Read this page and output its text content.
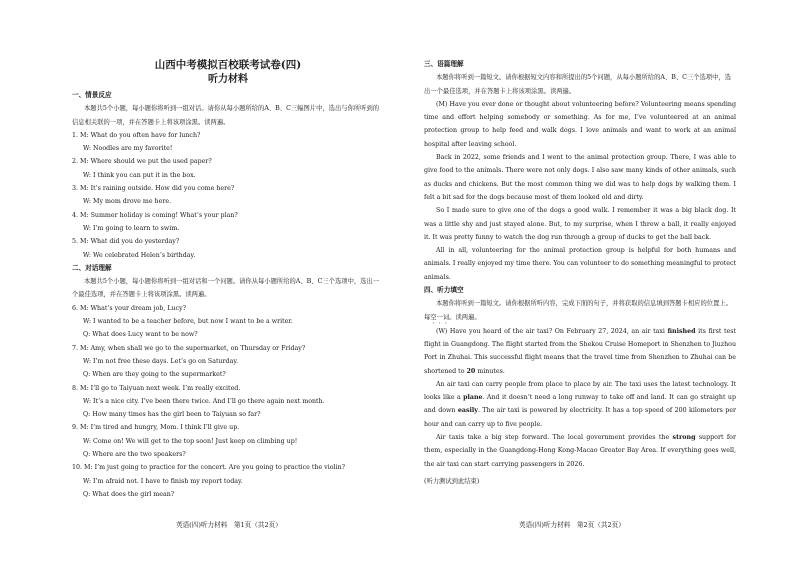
山西中考模拟百校联考试卷(四)

听力材料

一、情景反应

本题共5个小题，每小题你将听到一组对话。请你从每小题所给的A、B、C三幅图片中，选出与你所听到的信息相关联的一项，并在答题卡上将该项涂黑。读两遍。

1. M: What do you often have for lunch?

W: Noodles are my favorite!

2. M: Where should we put the used paper?

W: I think you can put it in the box.

3. M: It’s raining outside. How did you come here?

W: My mom drove me here.

4. M: Summer holiday is coming! What’s your plan?

W: I’m going to learn to swim.

5. M: What did you do yesterday?

W: We celebrated Helen’s birthday.

二、对话理解

本题共5个小题，每小题你将听到一组对话和一个问题。请你从每小题所给的A、B、C三个选项中，选出一个最佳选项，并在答题卡上将该项涂黑。读两遍。

6. M: What’s your dream job, Lucy?

W: I wanted to be a teacher before, but now I want to be a writer.

Q: What does Lucy want to be now?

7. M: Amy, when shall we go to the supermarket, on Thursday or Friday?

W: I’m not free these days. Let’s go on Saturday.

Q: When are they going to the supermarket?

8. M: I’ll go to Taiyuan next week. I’m really excited.

W: It’s a nice city. I’ve been there twice. And I’ll go there again next month.

Q: How many times has the girl been to Taiyuan so far?

9. M: I’m tired and hungry, Mom. I think I’ll give up.

W: Come on! We will get to the top soon! Just keep on climbing up!

Q: Where are the two speakers?

10. M: I’m just going to practice for the concert. Are you going to practice the violin?

W: I’m afraid not. I have to finish my report today.

Q: What does the girl mean?

三、语篇理解

本题你将听到一篇短文。请你根据短文内容和所提出的5个问题，从每小题所给的A、B、C三个选项中，选出一个最佳选项，并在答题卡上将该项涂黑。读两遍。

(M) Have you ever done or thought about volunteering before? Volunteering means spending time and effort helping somebody or something. As for me, I’ve volunteered at an animal protection group to help feed and walk dogs. I love animals and want to work at an animal hospital after leaving school.

Back in 2022, some friends and I went to the animal protection group. There, I was able to give food to the animals. There were not only dogs. I also saw many kinds of other animals, such as ducks and chickens. But the most common thing we did was to help dogs by walking them. I felt a bit sad for the dogs because most of them looked old and dirty.

So I made sure to give one of the dogs a good walk. I remember it was a big black dog. It was a little shy and just stayed alone. But, to my surprise, when I threw a ball, it really enjoyed it. It was pretty funny to watch the dog run through a group of ducks to get the ball back.

All in all, volunteering for the animal protection group is helpful for both humans and animals. I really enjoyed my time there. You can volunteer to do something meaningful to protect animals.

四、听力填空

本题你将听到一篇短文。请你根据所听内容，完成下面的句子，并将获取的信息填到答题卡相应的位置上。每空一词。读两遍。

(W) Have you heard of the air taxi? On February 27, 2024, an air taxi finished its first test flight in Guangdong. The flight started from the Shekou Cruise Homeport in Shenzhen to Jiuzhou Port in Zhuhai. This successful flight means that the travel time from Shenzhen to Zhuhai can be shortened to 20 minutes.

An air taxi can carry people from place to place by air. The taxi uses the latest technology. It looks like a plane. And it doesn’t need a long runway to take off and land. It can go straight up and down easily. The air taxi is powered by electricity. It has a top speed of 200 kilometers per hour and can carry up to five people.

Air taxis take a big step forward. The local government provides the strong support for them, especially in the Guangdong-Hong Kong-Macao Greater Bay Area. If everything goes well, the air taxi can start carrying passengers in 2026.

(听力测试到此结束)

英语(四)听力材料　第1页（共2页）	英语(四)听力材料　第2页（共2页）
